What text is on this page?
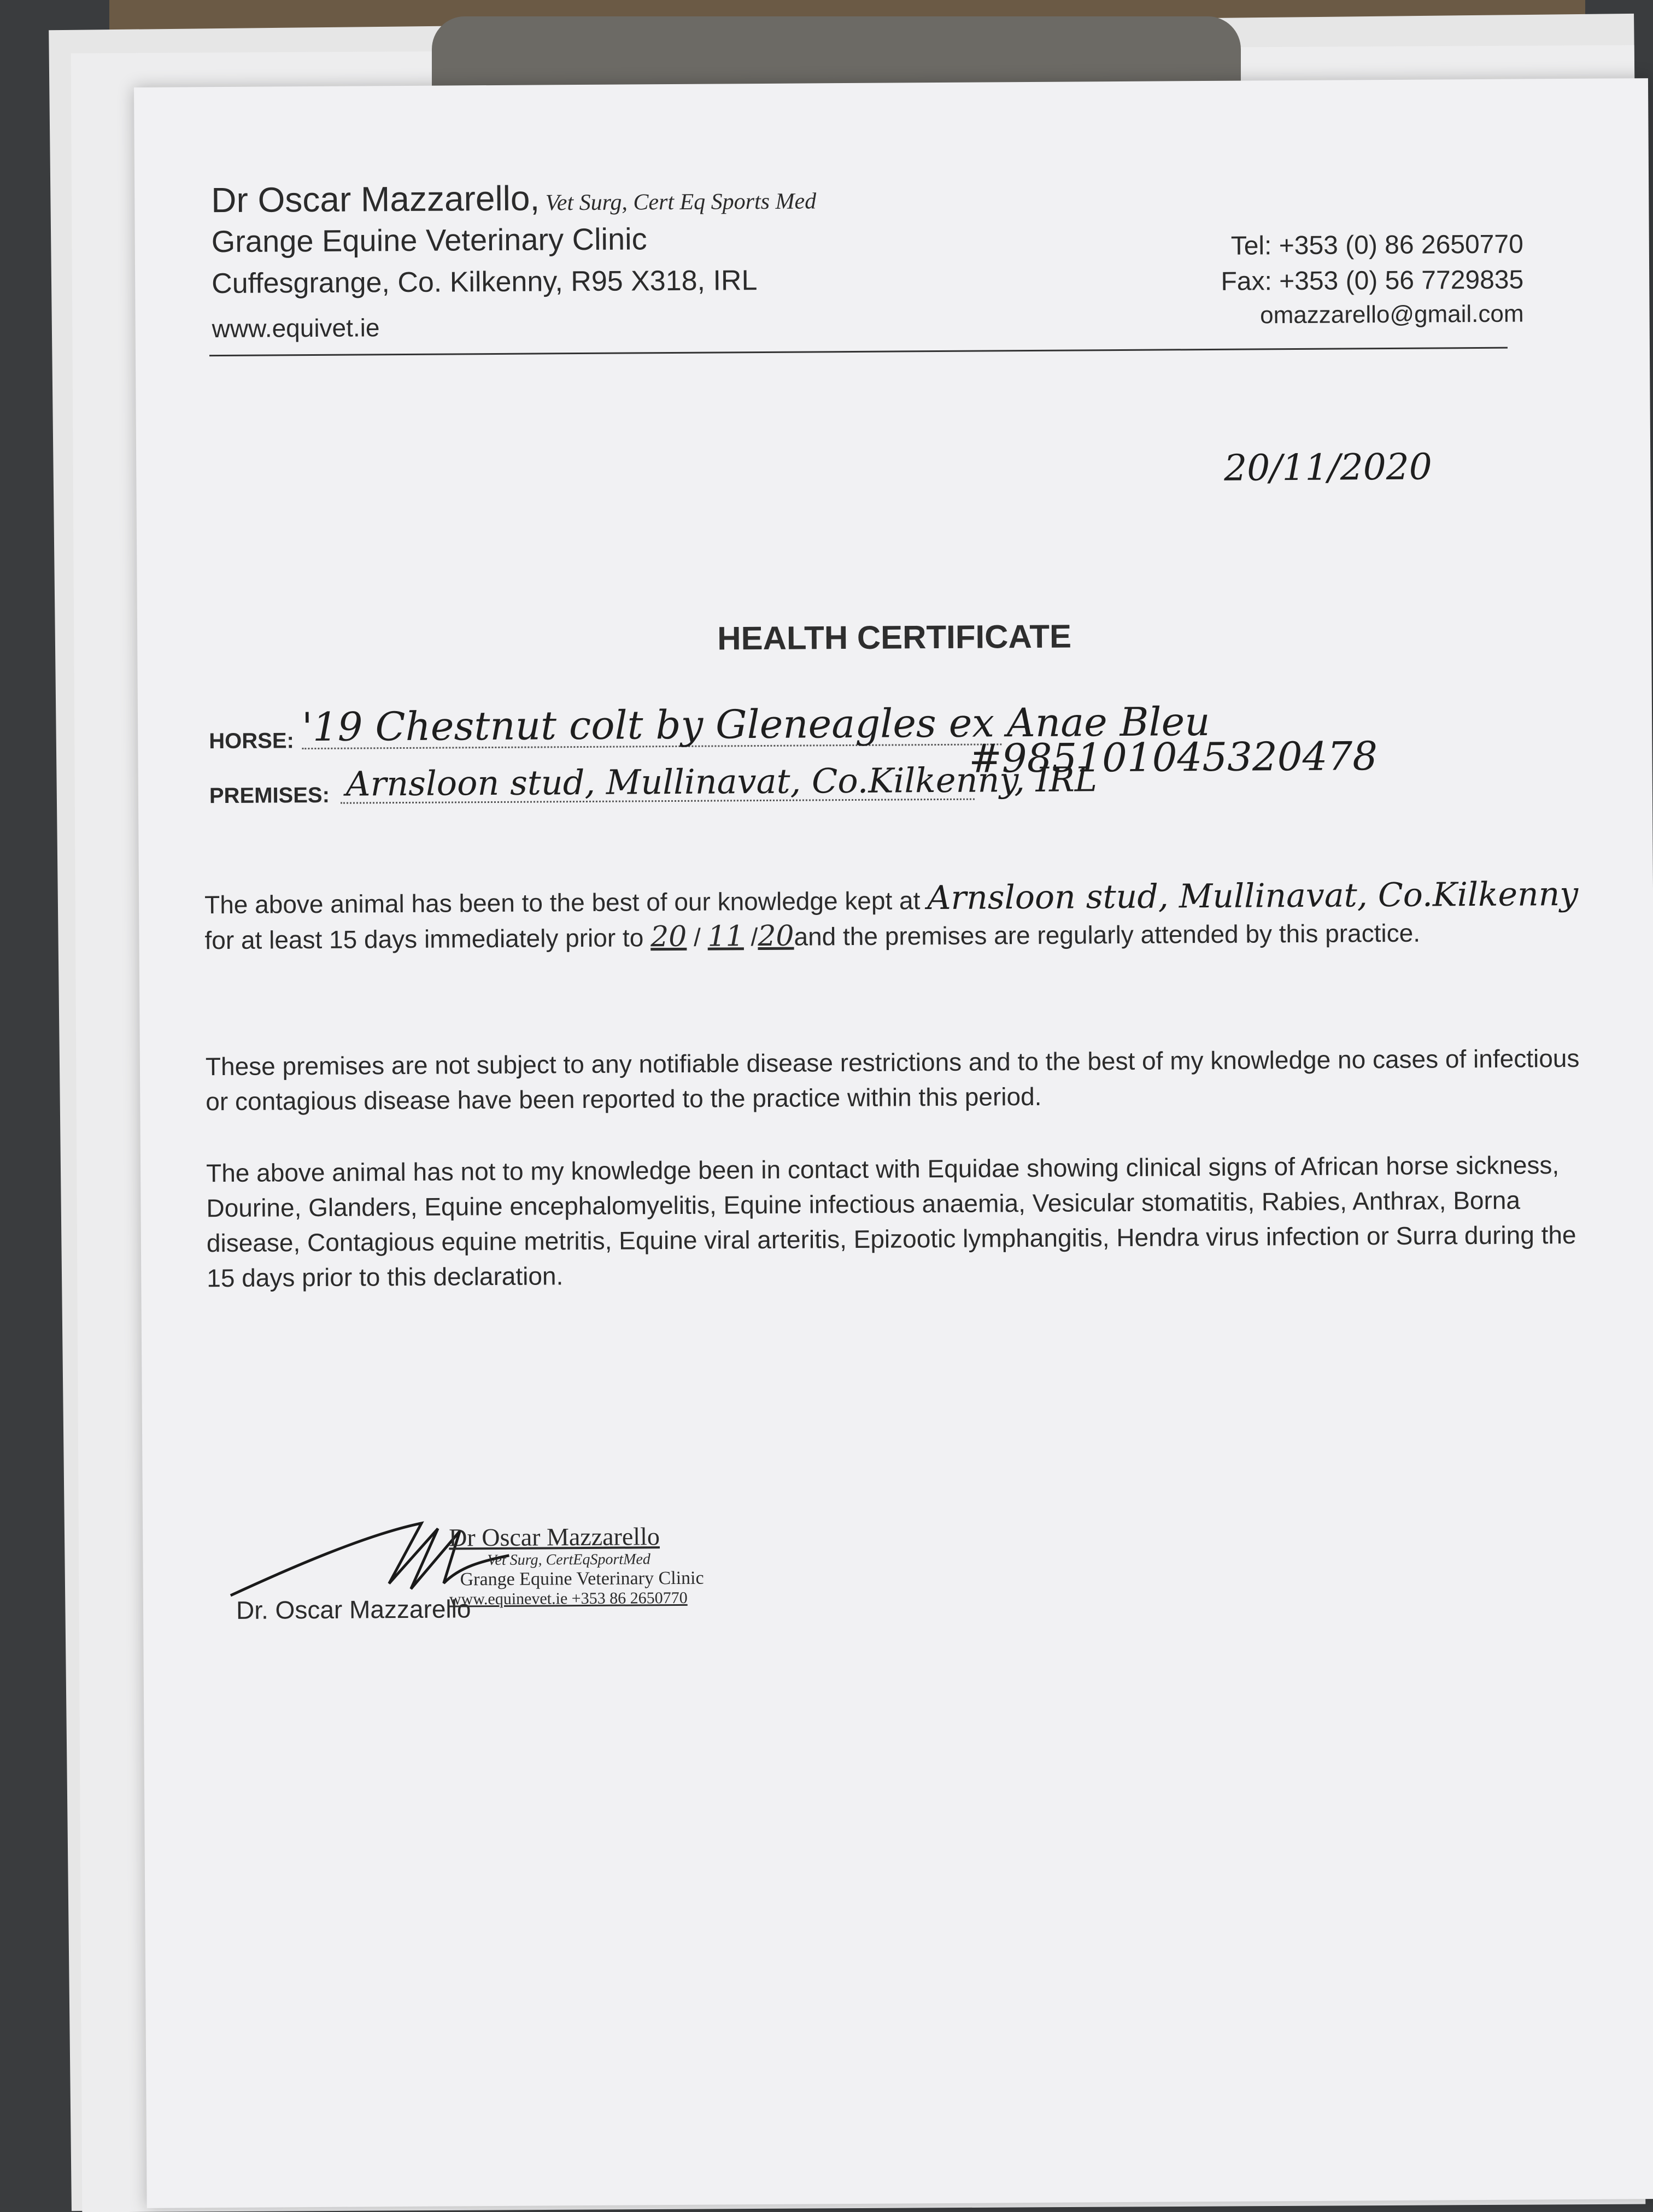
Dr Oscar Mazzarello, Vet Surg, Cert Eq Sports Med
Grange Equine Veterinary Clinic
Cuffesgrange, Co. Kilkenny, R95 X318, IRL
www.equivet.ie
Tel: +353 (0) 86 2650770
Fax: +353 (0) 56 7729835
omazzarello@gmail.com
20/11/2020
HEALTH CERTIFICATE
HORSE: '19 Chestnut colt by Gleneagles ex Anae Bleu
#985101045320478
PREMISES: Arnsloon stud, Mullinavat, Co.Kilkenny, IRL
The above animal has been to the best of our knowledge kept at Arnsloon stud, Mullinavat, Co.Kilkenny for at least 15 days immediately prior to 20 / 11 /20and the premises are regularly attended by this practice.
These premises are not subject to any notifiable disease restrictions and to the best of my knowledge no cases of infectious or contagious disease have been reported to the practice within this period.
The above animal has not to my knowledge been in contact with Equidae showing clinical signs of African horse sickness, Dourine, Glanders, Equine encephalomyelitis, Equine infectious anaemia, Vesicular stomatitis, Rabies, Anthrax, Borna disease, Contagious equine metritis, Equine viral arteritis, Epizootic lymphangitis, Hendra virus infection or Surra during the 15 days prior to this declaration.
Dr Oscar Mazzarello
Vet Surg, CertEqSportMed
Grange Equine Veterinary Clinic
www.equinevet.ie +353 86 2650770
Dr. Oscar Mazzarello
